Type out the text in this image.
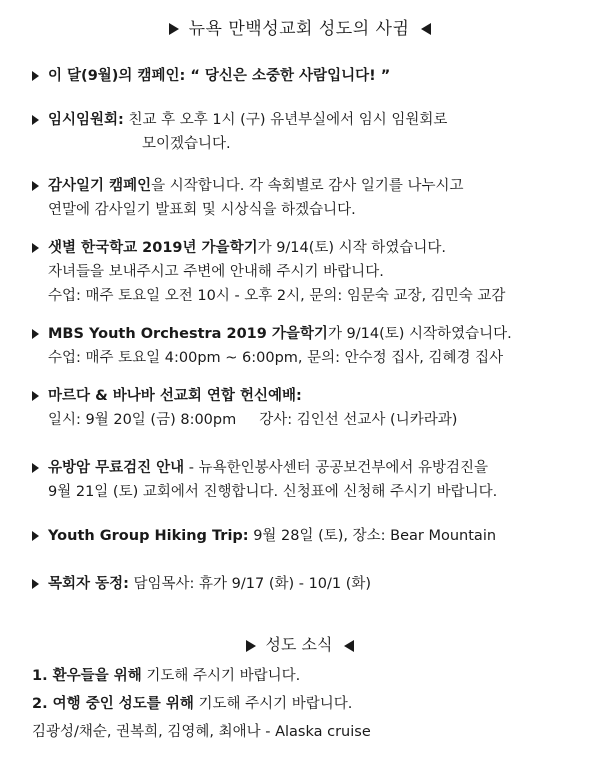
뉴욕 만백성교회 성도의 사귐
이 달(9월)의 캠페인: “ 당신은 소중한 사람입니다! ”
임시임원회: 친교 후 오후 1시 (구) 유년부실에서 임시 임원회로
모이겠습니다.
감사일기 캠페인을 시작합니다. 각 속회별로 감사 일기를 나누시고
연말에 감사일기 발표회 및 시상식을 하겠습니다.
샛별 한국학교 2019년 가을학기가 9/14(토) 시작 하였습니다.
자녀들을 보내주시고 주변에 안내해 주시기 바랍니다.
수업: 매주 토요일 오전 10시 - 오후 2시, 문의: 임문숙 교장, 김민숙 교감
MBS Youth Orchestra 2019 가을학기가 9/14(토) 시작하였습니다.
수업: 매주 토요일 4:00pm ~ 6:00pm, 문의: 안수정 집사, 김혜경 집사
마르다 & 바나바 선교회 연합 헌신예배:
일시: 9월 20일 (금) 8:00pm     강사: 김인선 선교사 (니카라과)
유방암 무료검진 안내 - 뉴욕한인봉사센터 공공보건부에서 유방검진을
9월 21일 (토) 교회에서 진행합니다. 신청표에 신청해 주시기 바랍니다.
Youth Group Hiking Trip: 9월 28일 (토), 장소: Bear Mountain
목회자 동정: 담임목사: 휴가 9/17 (화) - 10/1 (화)
성도 소식
1. 환우들을 위해 기도해 주시기 바랍니다.
2. 여행 중인 성도를 위해 기도해 주시기 바랍니다.
김광성/채순, 권복희, 김영혜, 최애나 - Alaska cruise
